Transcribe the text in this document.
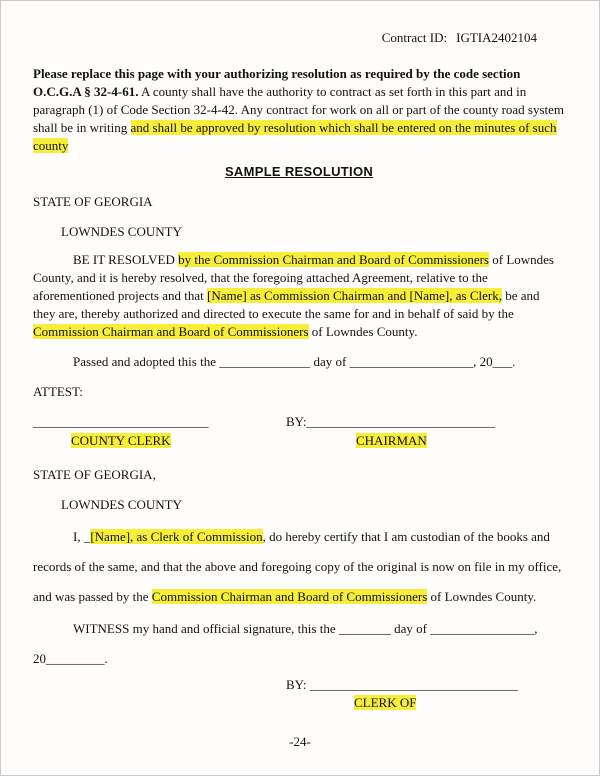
Contract ID: IGTIA2402104

Please replace this page with your authorizing resolution as required by the code section O.C.G.A § 32-4-61. A county shall have the authority to contract as set forth in this part and in paragraph (1) of Code Section 32-4-42. Any contract for work on all or part of the county road system shall be in writing and shall be approved by resolution which shall be entered on the minutes of such county

SAMPLE RESOLUTION

STATE OF GEORGIA

LOWNDES COUNTY

BE IT RESOLVED by the Commission Chairman and Board of Commissioners of Lowndes County, and it is hereby resolved, that the foregoing attached Agreement, relative to the aforementioned projects and that [Name] as Commission Chairman and [Name], as Clerk, be and they are, thereby authorized and directed to execute the same for and in behalf of said by the Commission Chairman and Board of Commissioners of Lowndes County.

Passed and adopted this the ______________ day of ___________________, 20___.

ATTEST:

___________________________	BY:_____________________________
COUNTY CLERK	CHAIRMAN

STATE OF GEORGIA,

LOWNDES COUNTY

I, _[Name], as Clerk of Commission, do hereby certify that I am custodian of the books and records of the same, and that the above and foregoing copy of the original is now on file in my office, and was passed by the Commission Chairman and Board of Commissioners of Lowndes County.

WITNESS my hand and official signature, this the ________ day of ________________,

20_________.

BY: ________________________________

CLERK OF

-24-
